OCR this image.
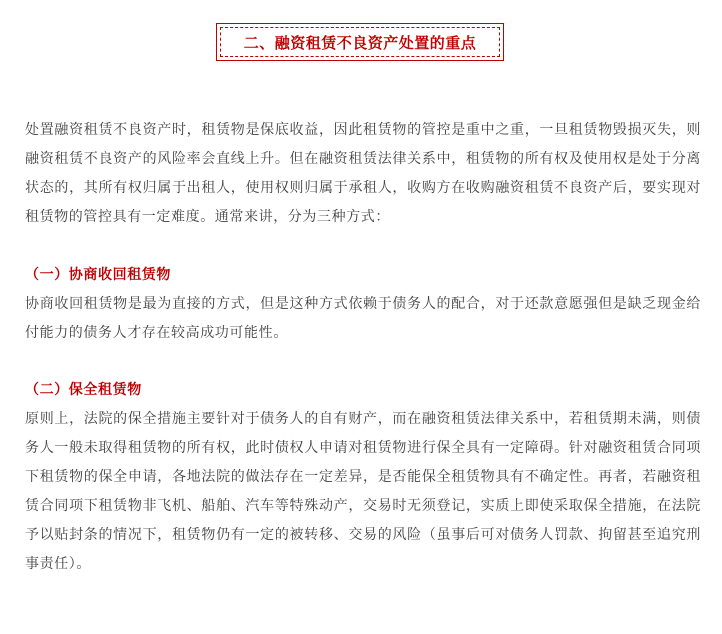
二、融资租赁不良资产处置的重点

处置融资租赁不良资产时，租赁物是保底收益，因此租赁物的管控是重中之重，一旦租赁物毁损灭失，则融资租赁不良资产的风险率会直线上升。但在融资租赁法律关系中，租赁物的所有权及使用权是处于分离状态的，其所有权归属于出租人，使用权则归属于承租人，收购方在收购融资租赁不良资产后，要实现对租赁物的管控具有一定难度。通常来讲，分为三种方式：

（一）协商收回租赁物

协商收回租赁物是最为直接的方式，但是这种方式依赖于债务人的配合，对于还款意愿强但是缺乏现金给付能力的债务人才存在较高成功可能性。

（二）保全租赁物

原则上，法院的保全措施主要针对于债务人的自有财产，而在融资租赁法律关系中，若租赁期未满，则债务人一般未取得租赁物的所有权，此时债权人申请对租赁物进行保全具有一定障碍。针对融资租赁合同项下租赁物的保全申请，各地法院的做法存在一定差异，是否能保全租赁物具有不确定性。再者，若融资租赁合同项下租赁物非飞机、船舶、汽车等特殊动产，交易时无须登记，实质上即使采取保全措施，在法院予以贴封条的情况下，租赁物仍有一定的被转移、交易的风险（虽事后可对债务人罚款、拘留甚至追究刑事责任）。
